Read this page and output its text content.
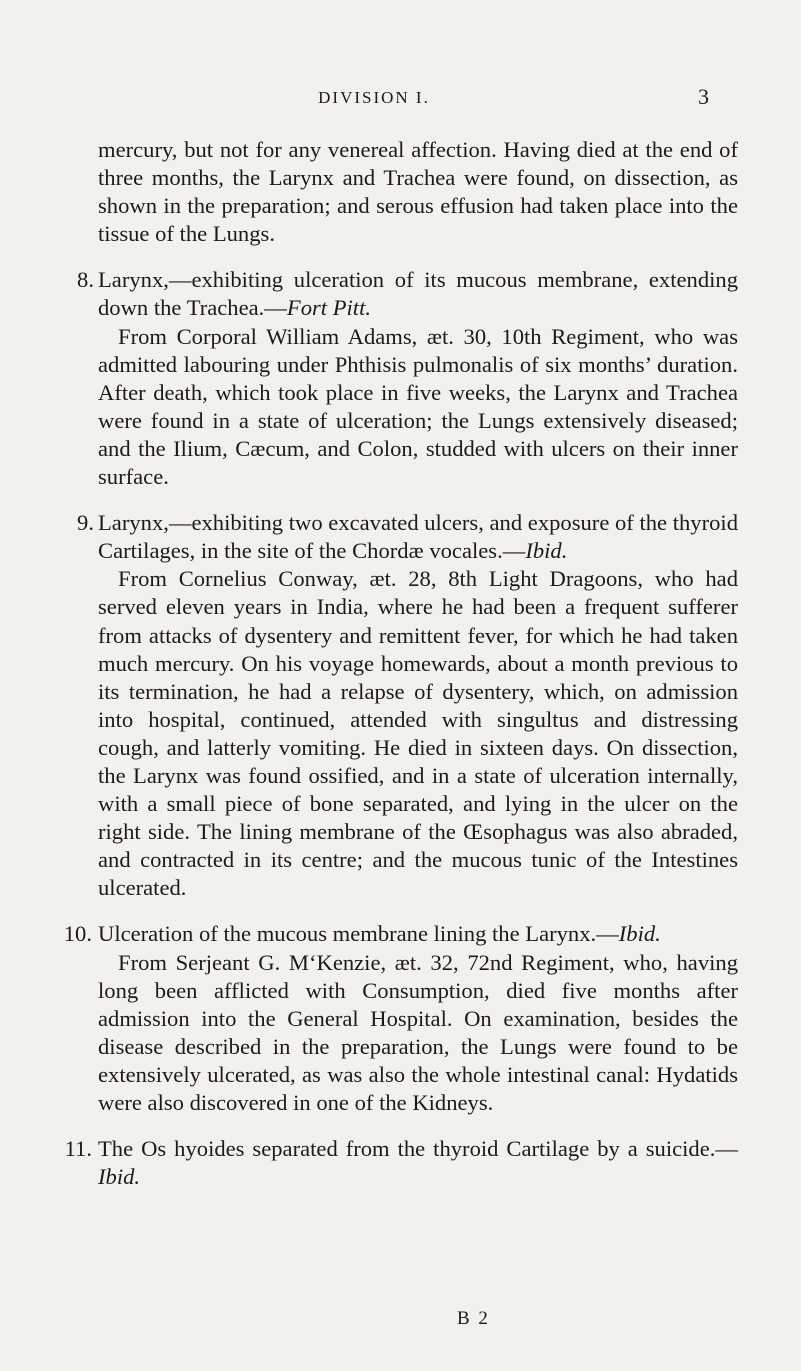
DIVISION I.	3

mercury, but not for any venereal affection. Having died at the end of three months, the Larynx and Trachea were found, on dissection, as shown in the preparation; and serous effusion had taken place into the tissue of the Lungs.

8. Larynx,—exhibiting ulceration of its mucous membrane, extending down the Trachea.—Fort Pitt.

From Corporal William Adams, æt. 30, 10th Regiment, who was admitted labouring under Phthisis pulmonalis of six months’ duration. After death, which took place in five weeks, the Larynx and Trachea were found in a state of ulceration; the Lungs extensively diseased; and the Ilium, Cæcum, and Colon, studded with ulcers on their inner surface.

9. Larynx,—exhibiting two excavated ulcers, and exposure of the thyroid Cartilages, in the site of the Chordæ vocales.—Ibid.

From Cornelius Conway, æt. 28, 8th Light Dragoons, who had served eleven years in India, where he had been a frequent sufferer from attacks of dysentery and remittent fever, for which he had taken much mercury. On his voyage homewards, about a month previous to its termination, he had a relapse of dysentery, which, on admission into hospital, continued, attended with singultus and distressing cough, and latterly vomiting. He died in sixteen days. On dissection, the Larynx was found ossified, and in a state of ulceration internally, with a small piece of bone separated, and lying in the ulcer on the right side. The lining membrane of the Œsophagus was also abraded, and contracted in its centre; and the mucous tunic of the Intestines ulcerated.

10. Ulceration of the mucous membrane lining the Larynx.—Ibid.

From Serjeant G. M‘Kenzie, æt. 32, 72nd Regiment, who, having long been afflicted with Consumption, died five months after admission into the General Hospital. On examination, besides the disease described in the preparation, the Lungs were found to be extensively ulcerated, as was also the whole intestinal canal: Hydatids were also discovered in one of the Kidneys.

11. The Os hyoides separated from the thyroid Cartilage by a suicide.—Ibid.

B 2
